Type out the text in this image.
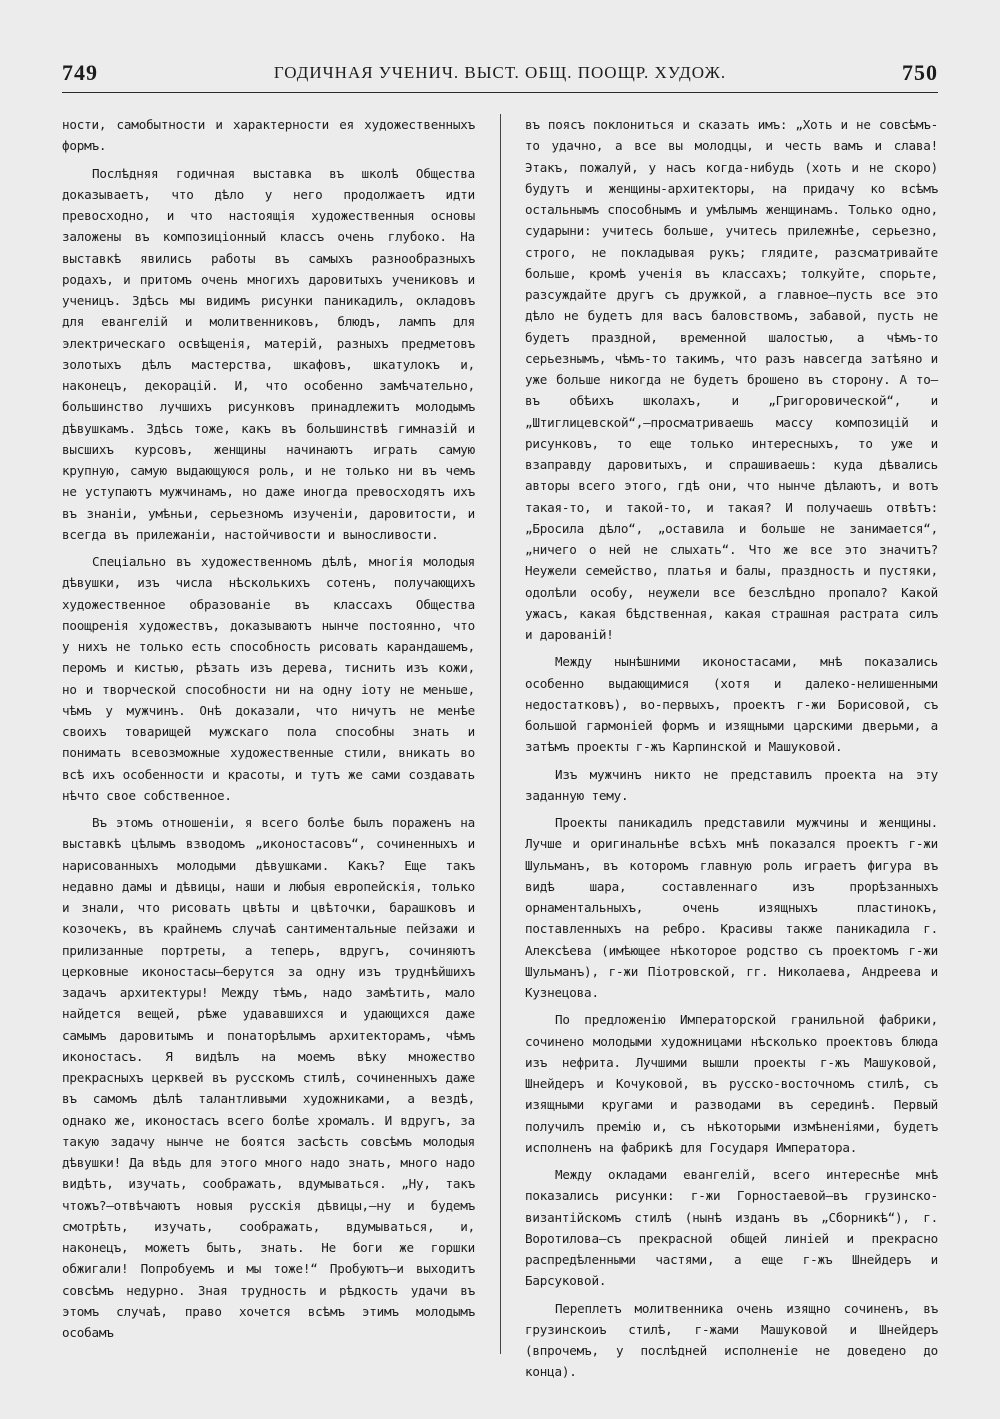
749	ГОДИЧНАЯ УЧЕНИЧ. ВЫСТ. ОБЩ. ПООЩР. ХУДОЖ.	750

ности, самобытности и характерности ея художественныхъ формъ.

Послѣдняя годичная выставка въ школѣ Общества доказываетъ, что дѣло у него продолжаетъ идти превосходно, и что настоящія художественныя основы заложены въ композиціонный классъ очень глубоко. На выставкѣ явились работы въ самыхъ разнообразныхъ родахъ, и притомъ очень многихъ даровитыхъ учениковъ и ученицъ. Здѣсь мы видимъ рисунки паникадилъ, окладовъ для евангелій и молитвенниковъ, блюдъ, лампъ для электрическаго освѣщенія, матерій, разныхъ предметовъ золотыхъ дѣлъ мастерства, шкафовъ, шкатулокъ и, наконецъ, декорацій. И, что особенно замѣчательно, большинство лучшихъ рисунковъ принадлежитъ молодымъ дѣвушкамъ. Здѣсь тоже, какъ въ большинствѣ гимназій и высшихъ курсовъ, женщины начинаютъ играть самую крупную, самую выдающуюся роль, и не только ни въ чемъ не уступаютъ мужчинамъ, но даже иногда превосходятъ ихъ въ знаніи, умѣньи, серьезномъ изученіи, даровитости, и всегда въ прилежаніи, настойчивости и выносливости.

Спеціально въ художественномъ дѣлѣ, многія молодыя дѣвушки, изъ числа нѣсколькихъ сотенъ, получающихъ художественное образованіе въ классахъ Общества поощренія художествъ, доказываютъ нынче постоянно, что у нихъ не только есть способность рисовать карандашемъ, перомъ и кистью, рѣзать изъ дерева, тиснить изъ кожи, но и творческой способности ни на одну іоту не меньше, чѣмъ у мужчинъ. Онѣ доказали, что ничутъ не менѣе своихъ товарищей мужскаго пола способны знать и понимать всевозможные художественные стили, вникать во всѣ ихъ особенности и красоты, и тутъ же сами создавать нѣчто свое собственное.

Въ этомъ отношеніи, я всего болѣе былъ пораженъ на выставкѣ цѣлымъ взводомъ „иконостасовъ“, сочиненныхъ и нарисованныхъ молодыми дѣвушками. Какъ? Еще такъ недавно дамы и дѣвицы, наши и любыя европейскія, только и знали, что рисовать цвѣты и цвѣточки, барашковъ и козочекъ, въ крайнемъ случаѣ сантиментальные пейзажи и прилизанные портреты, а теперь, вдругъ, сочиняютъ церковные иконостасы—берутся за одну изъ труднѣйшихъ задачъ архитектуры! Между тѣмъ, надо замѣтить, мало найдется вещей, рѣже удававшихся и удающихся даже самымъ даровитымъ и понаторѣлымъ архитекторамъ, чѣмъ иконостасъ. Я видѣлъ на моемъ вѣку множество прекрасныхъ церквей въ русскомъ стилѣ, сочиненныхъ даже въ самомъ дѣлѣ талантливыми художниками, а вездѣ, однако же, иконостасъ всего болѣе хромалъ. И вдругъ, за такую задачу нынче не боятся засѣсть совсѣмъ молодыя дѣвушки! Да вѣдь для этого много надо знать, много надо видѣть, изучать, соображать, вдумываться. „Ну, такъ чтожъ?—отвѣчаютъ новыя русскія дѣвицы,—ну и будемъ смотрѣть, изучать, соображать, вдумываться, и, наконецъ, можетъ быть, знать. Не боги же горшки обжигали! Попробуемъ и мы тоже!“ Пробуютъ—и выходитъ совсѣмъ недурно. Зная трудность и рѣдкость удачи въ этомъ случаѣ, право хочется всѣмъ этимъ молодымъ особамъ

въ поясъ поклониться и сказать имъ: „Хоть и не совсѣмъ-то удачно, а все вы молодцы, и честь вамъ и слава! Этакъ, пожалуй, у насъ когда-нибудь (хоть и не скоро) будутъ и женщины-архитекторы, на придачу ко всѣмъ остальнымъ способнымъ и умѣлымъ женщинамъ. Только одно, сударыни: учитесь больше, учитесь прилежнѣе, серьезно, строго, не покладывая рукъ; глядите, разсматривайте больше, кромѣ ученія въ классахъ; толкуйте, спорьте, разсуждайте другъ съ дружкой, а главное—пусть все это дѣло не будетъ для васъ баловствомъ, забавой, пусть не будетъ праздной, временной шалостью, а чѣмъ-то серьезнымъ, чѣмъ-то такимъ, что разъ навсегда затѣяно и уже больше никогда не будетъ брошено въ сторону. А то—въ обѣихъ школахъ, и „Григоровической“, и „Штиглицевской“,—просматриваешь массу композицій и рисунковъ, то еще только интересныхъ, то уже и взаправду даровитыхъ, и спрашиваешь: куда дѣвались авторы всего этого, гдѣ они, что нынче дѣлаютъ, и вотъ такая-то, и такой-то, и такая? И получаешь отвѣтъ: „Бросила дѣло“, „оставила и больше не занимается“, „ничего о ней не слыхать“. Что же все это значитъ? Неужели семейство, платья и балы, праздность и пустяки, одолѣли особу, неужели все безслѣдно пропало? Какой ужасъ, какая бѣдственная, какая страшная растрата силъ и дарованій!

Между нынѣшними иконостасами, мнѣ показались особенно выдающимися (хотя и далеко-нелишенными недостатковъ), во-первыхъ, проектъ г-жи Борисовой, съ большой гармоніей формъ и изящными царскими дверьми, а затѣмъ проекты г-жъ Карпинской и Машуковой.

Изъ мужчинъ никто не представилъ проекта на эту заданную тему.

Проекты паникадилъ представили мужчины и женщины. Лучше и оригинальнѣе всѣхъ мнѣ показался проектъ г-жи Шульманъ, въ которомъ главную роль играетъ фигура въ видѣ шара, составленнаго изъ прорѣзанныхъ орнаментальныхъ, очень изящныхъ пластинокъ, поставленныхъ на ребро. Красивы также паникадила г. Алексѣева (имѣющее нѣкоторое родство съ проектомъ г-жи Шульманъ), г-жи Піотровской, гг. Николаева, Андреева и Кузнецова.

По предложенію Императорской гранильной фабрики, сочинено молодыми художницами нѣсколько проектовъ блюда изъ нефрита. Лучшими вышли проекты г-жъ Машуковой, Шнейдеръ и Кочуковой, въ русско-восточномъ стилѣ, съ изящными кругами и разводами въ серединѣ. Первый получилъ премію и, съ нѣкоторыми измѣненіями, будетъ исполненъ на фабрикѣ для Государя Императора.

Между окладами евангелій, всего интереснѣе мнѣ показались рисунки: г-жи Горностаевой—въ грузинско-византійскомъ стилѣ (нынѣ изданъ въ „Сборникѣ“), г. Воротилова—съ прекрасной общей линіей и прекрасно распредѣленными частями, а еще г-жъ Шнейдеръ и Барсуковой.

Переплетъ молитвенника очень изящно сочиненъ, въ грузинскоиъ стилѣ, г-жами Машуковой и Шнейдеръ (впрочемъ, у послѣдней исполненіе не доведено до конца).
